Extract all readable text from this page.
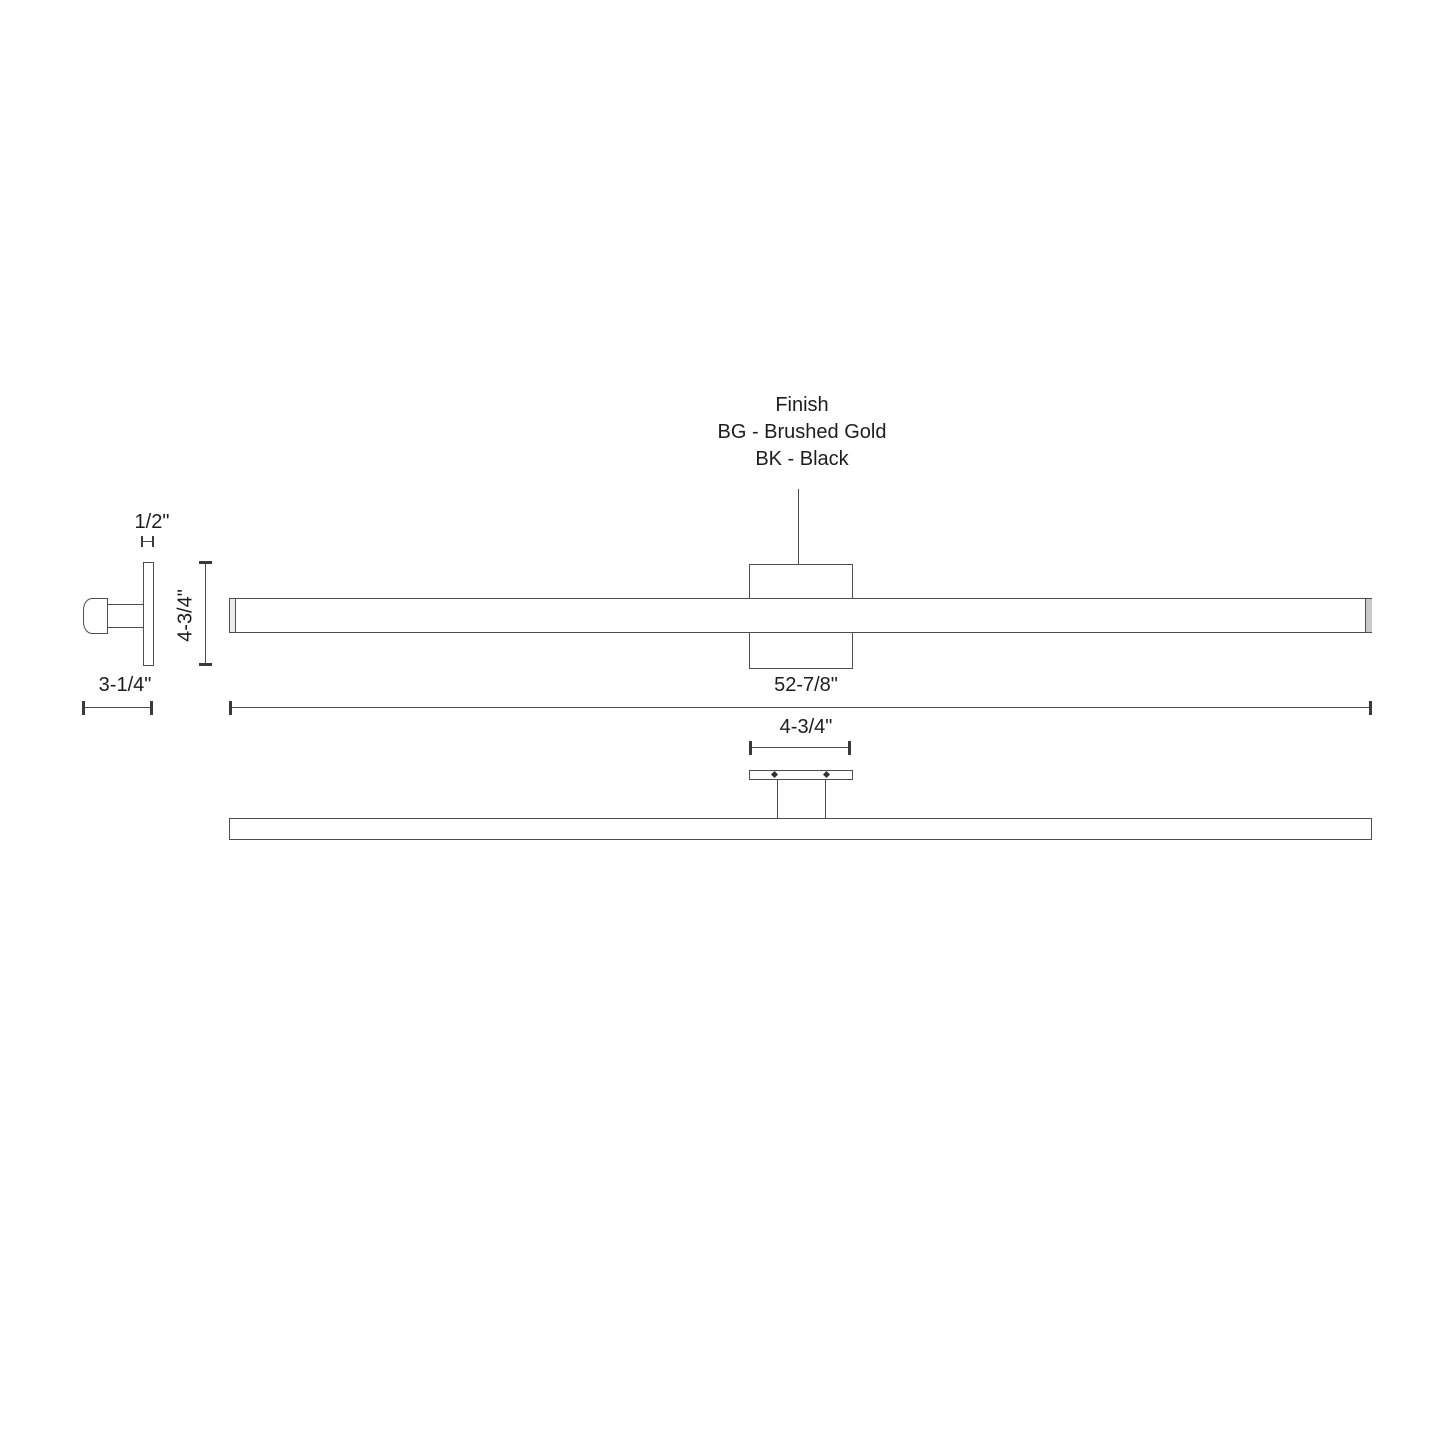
Finish
BG - Brushed Gold
BK - Black
1/2"
4-3/4"
3-1/4"	52-7/8"
4-3/4"
